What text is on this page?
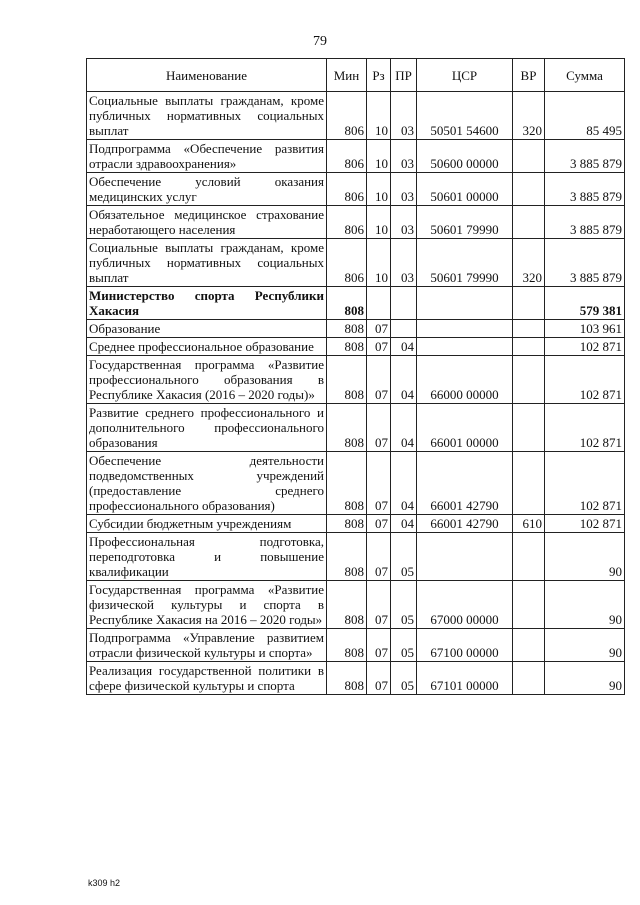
79
Наименование	Мин	Рз	ПР	ЦСР	ВР	Сумма
Социальные выплаты гражданам, кроме публичных нормативных социальных выплат	806	10	03	50501 54600	320	85 495
Подпрограмма «Обеспечение развития отрасли здравоохранения»	806	10	03	50600 00000		3 885 879
Обеспечение условий оказания медицинских услуг	806	10	03	50601 00000		3 885 879
Обязательное медицинское страхование неработающего населения	806	10	03	50601 79990		3 885 879
Социальные выплаты гражданам, кроме публичных нормативных социальных выплат	806	10	03	50601 79990	320	3 885 879
Министерство спорта Республики Хакасия	808					579 381
Образование	808	07				103 961
Среднее профессиональное образование	808	07	04			102 871
Государственная программа «Развитие профессионального образования в Республике Хакасия (2016 – 2020 годы)»	808	07	04	66000 00000		102 871
Развитие среднего профессионального и дополнительного профессионального образования	808	07	04	66001 00000		102 871
Обеспечение деятельности подведомственных учреждений (предоставление среднего профессионального образования)	808	07	04	66001 42790		102 871
Субсидии бюджетным учреждениям	808	07	04	66001 42790	610	102 871
Профессиональная подготовка, переподготовка и повышение квалификации	808	07	05			90
Государственная программа «Развитие физической культуры и спорта в Республике Хакасия на 2016 – 2020 годы»	808	07	05	67000 00000		90
Подпрограмма «Управление развитием отрасли физической культуры и спорта»	808	07	05	67100 00000		90
Реализация государственной политики в сфере физической культуры и спорта	808	07	05	67101 00000		90
k309 h2
